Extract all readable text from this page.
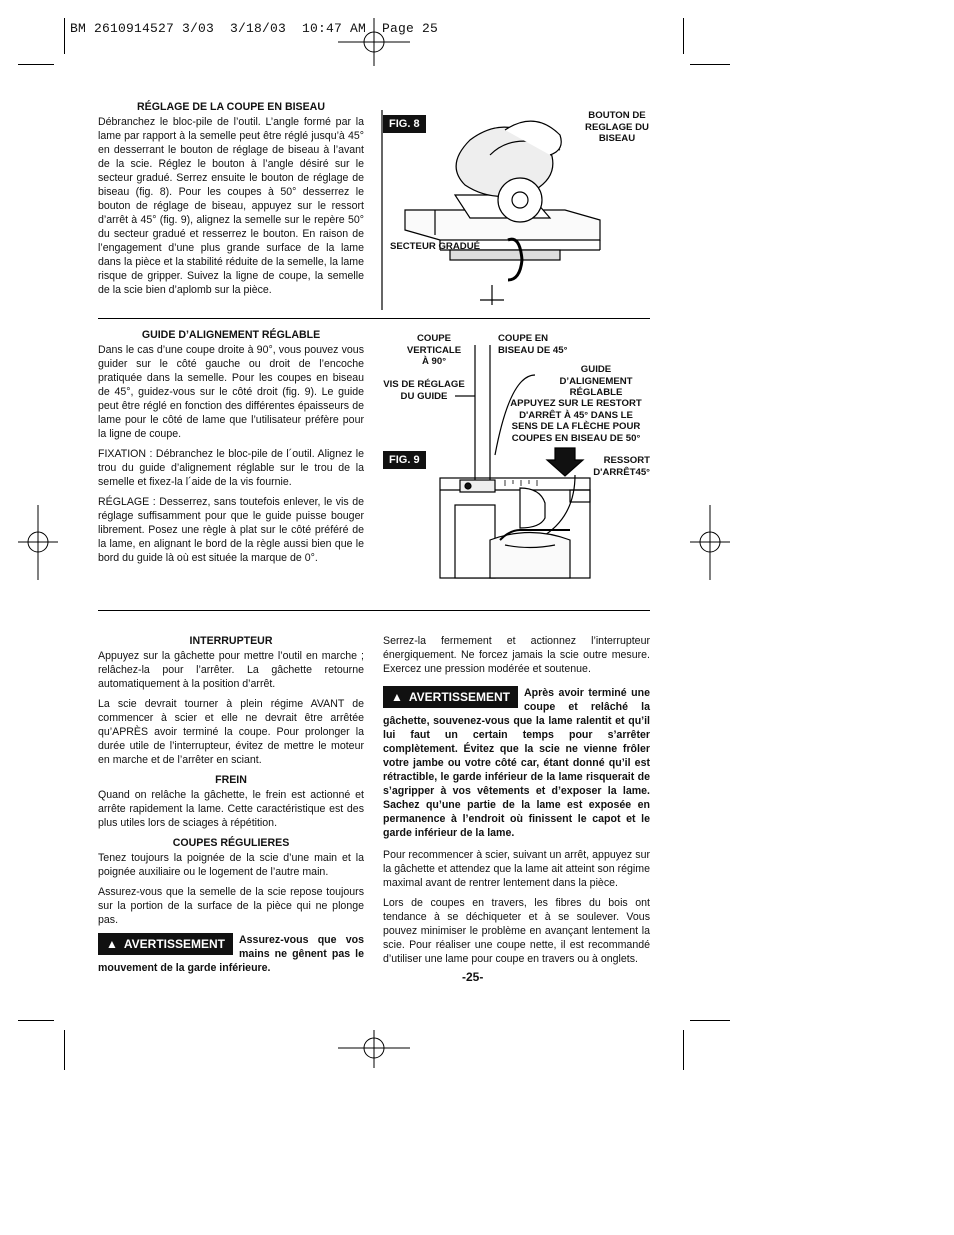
BM 2610914527 3/03  3/18/03  10:47 AM  Page 25
RÉGLAGE DE LA COUPE EN BISEAU

Débranchez le bloc-pile de l’outil. L’angle formé par la lame par rapport à la semelle peut être réglé jusqu’à 45° en desserrant le bouton de réglage de biseau à l’avant de la scie. Réglez le bouton à l’angle désiré sur le secteur gradué. Serrez ensuite le bouton de réglage de biseau (fig. 8). Pour les coupes à 50° desserrez le bouton de réglage de biseau, appuyez sur le ressort d’arrêt à 45° (fig. 9), alignez la semelle sur le repère 50° du secteur gradué et resserrez le bouton. En raison de l’engagement d’une plus grande surface de la lame dans la pièce et la stabilité réduite de la semelle, la lame risque de gripper. Suivez la ligne de coupe, la semelle de la scie bien d’aplomb sur la pièce.

FIG. 8
BOUTON DE
REGLAGE DU
BISEAU
SECTEUR GRADUÉ
GUIDE D’ALIGNEMENT RÉGLABLE

Dans le cas d’une coupe droite à 90°, vous pouvez vous guider sur le côté gauche ou droit de l’encoche pratiquée dans la semelle. Pour les coupes en biseau de 45°, guidez-vous sur le côté droit (fig. 9). Le guide peut être réglé en fonction des différentes épaisseurs de lame pour le côté de lame que l’utilisateur préfère pour la ligne de coupe.

FIXATION : Débranchez le bloc-pile de l´outil. Alignez le trou du guide d’alignement réglable sur le trou de la semelle et fixez-la l´aide de la vis fournie.

RÉGLAGE : Desserrez, sans toutefois enlever, le vis de réglage suffisamment pour que le guide puisse bouger librement. Posez une règle à plat sur le côté préféré de la lame, en alignant le bord de la règle aussi bien que le bord du guide là où est située la marque de 0°.

FIG. 9
COUPE
VERTICALE
À 90°
COUPE EN
BISEAU DE 45°
VIS DE RÉGLAGE
DU GUIDE
GUIDE D’ALIGNEMENT
RÉGLABLE
APPUYEZ SUR LE RESTORT
D'ARRÊT À 45° DANS LE
SENS DE LA FLÈCHE POUR
COUPES EN BISEAU DE 50°
RESSORT
D'ARRÊT45°
INTERRUPTEUR

Appuyez sur la gâchette pour mettre l’outil en marche ; relâchez-la pour l’arrêter. La gâchette retourne automatiquement à la position d’arrêt.

La scie devrait tourner à plein régime AVANT de commencer à scier et elle ne devrait être arrêtée qu’APRÈS avoir terminé la coupe. Pour prolonger la durée utile de l’interrupteur, évitez de mettre le moteur en marche et de l’arrêter en sciant.

FREIN

Quand on relâche la gâchette, le frein est actionné et arrête rapidement la lame. Cette caractéristique est des plus utiles lors de sciages à répétition.

COUPES RÉGULIERES

Tenez toujours la poignée de la scie d’une main et la poignée auxiliaire ou le logement de l’autre main.

Assurez-vous que la semelle de la scie repose toujours sur la portion de la surface de la pièce qui ne plonge pas.

▲ AVERTISSEMENT	Assurez-vous que vos mains ne gênent pas le mouvement de la garde inférieure.

Serrez-la fermement et actionnez l’interrupteur énergiquement. Ne forcez jamais la scie outre mesure. Exercez une pression modérée et soutenue.

▲ AVERTISSEMENT	Après avoir terminé une coupe et relâché la gâchette, souvenez-vous que la lame ralentit et qu’il lui faut un certain temps pour s’arrêter complètement. Évitez que la scie ne vienne frôler votre jambe ou votre côté car, étant donné qu’il est rétractible, le garde inférieur de la lame risquerait de s’agripper à vos vêtements et d’exposer la lame. Sachez qu’une partie de la lame est exposée en permanence à l’endroit où finissent le capot et le garde inférieur de la lame.

Pour recommencer à scier, suivant un arrêt, appuyez sur la gâchette et attendez que la lame ait atteint son régime maximal avant de rentrer lentement dans la pièce.

Lors de coupes en travers, les fibres du bois ont tendance à se déchiqueter et à se soulever. Vous pouvez minimiser le problème en avançant lentement la scie. Pour réaliser une coupe nette, il est recommandé d’utiliser une lame pour coupe en travers ou à onglets.

-25-
